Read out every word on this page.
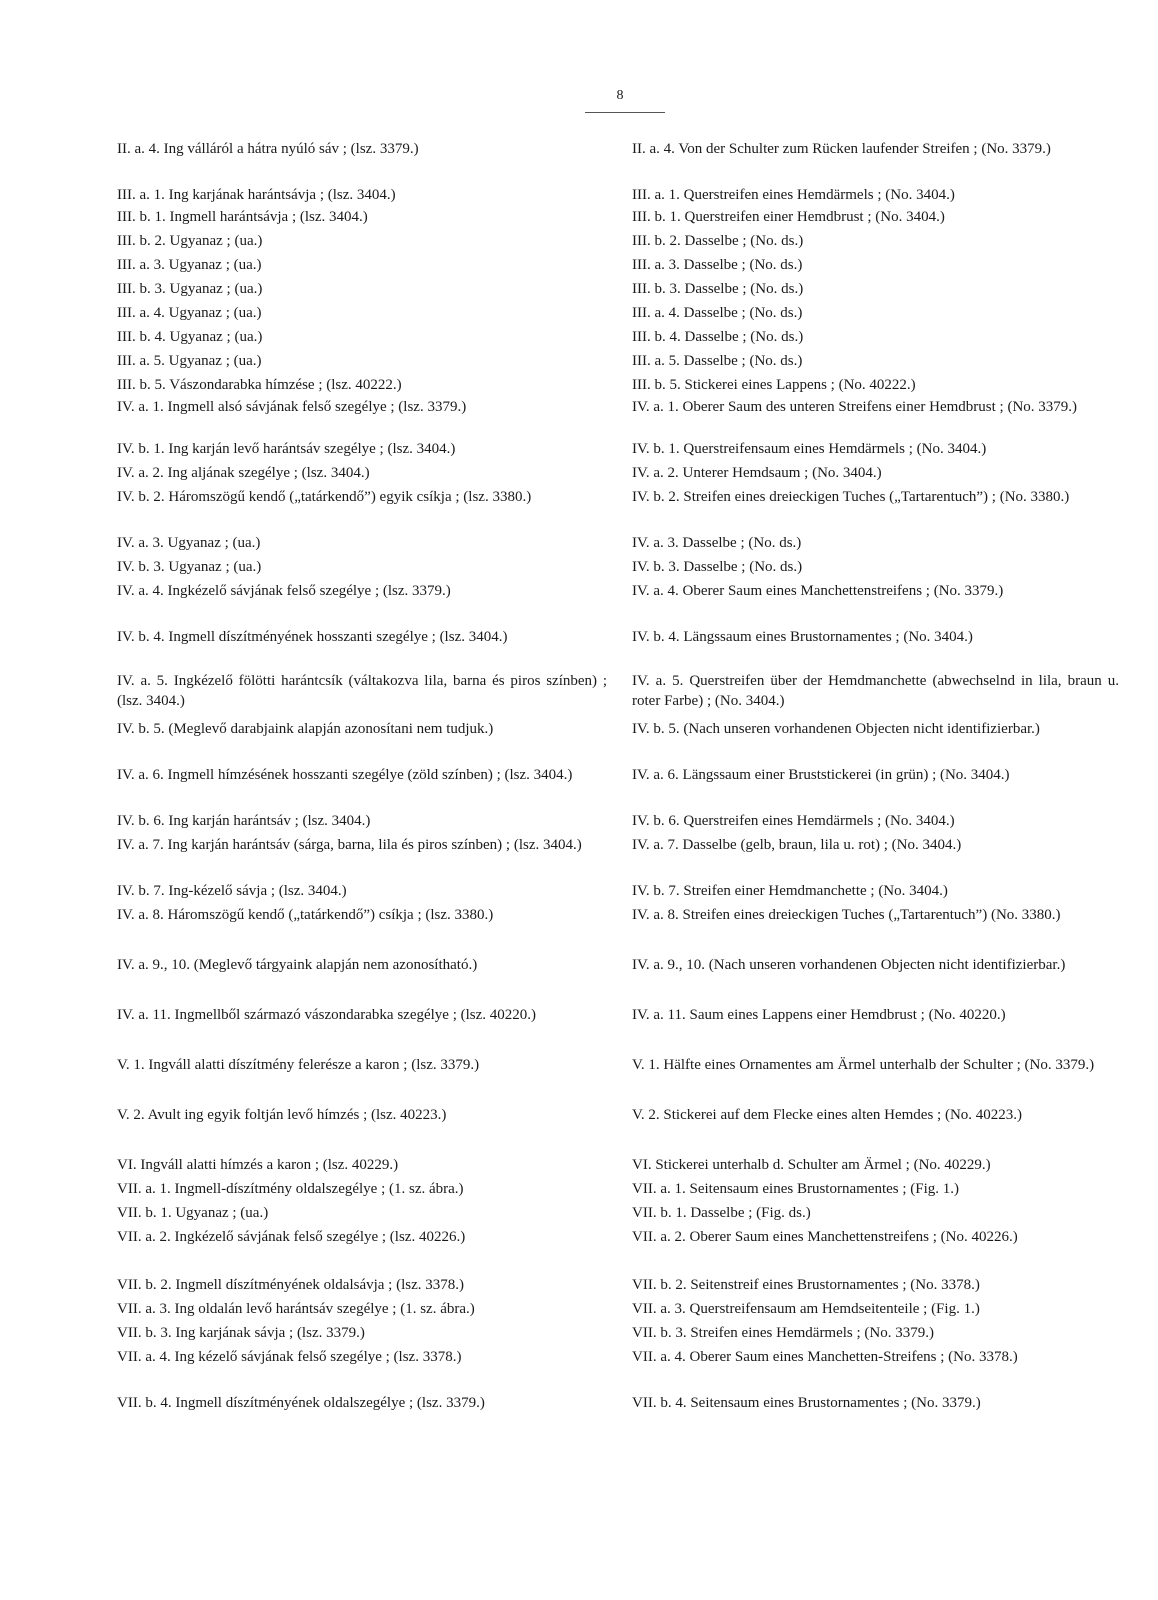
8
II. a. 4. Ing válláról a hátra nyúló sáv ; (lsz. 3379.)
III. a. 1. Ing karjának harántsávja ; (lsz. 3404.)
III. b. 1. Ingmell harántsávja ; (lsz. 3404.)
III. b. 2. Ugyanaz ; (ua.)
III. a. 3. Ugyanaz ; (ua.)
III. b. 3. Ugyanaz ; (ua.)
III. a. 4. Ugyanaz ; (ua.)
III. b. 4. Ugyanaz ; (ua.)
III. a. 5. Ugyanaz ; (ua.)
III. b. 5. Vászondarabka hímzése ; (lsz. 40222.)
IV. a. 1. Ingmell alsó sávjának felső szegélye ; (lsz. 3379.)
IV. b. 1. Ing karján levő harántsáv szegélye ; (lsz. 3404.)
IV. a. 2. Ing aljának szegélye ; (lsz. 3404.)
IV. b. 2. Háromszögű kendő („tatárkendő”) egyik csíkja ; (lsz. 3380.)
IV. a. 3. Ugyanaz ; (ua.)
IV. b. 3. Ugyanaz ; (ua.)
IV. a. 4. Ingkézelő sávjának felső szegélye ; (lsz. 3379.)
IV. b. 4. Ingmell díszítményének hosszanti szegélye ; (lsz. 3404.)
IV. a. 5. Ingkézelő fölötti harántcsík (váltakozva lila, barna és piros színben) ; (lsz. 3404.)
IV. b. 5. (Meglevő darabjaink alapján azonosítani nem tudjuk.)
IV. a. 6. Ingmell hímzésének hosszanti szegélye (zöld színben) ; (lsz. 3404.)
IV. b. 6. Ing karján harántsáv ; (lsz. 3404.)
IV. a. 7. Ing karján harántsáv (sárga, barna, lila és piros színben) ; (lsz. 3404.)
IV. b. 7. Ing-kézelő sávja ; (lsz. 3404.)
IV. a. 8. Háromszögű kendő („tatárkendő”) csíkja ; (lsz. 3380.)
IV. a. 9., 10. (Meglevő tárgyaink alapján nem azonosítható.)
IV. a. 11. Ingmellből származó vászondarabka szegélye ; (lsz. 40220.)
V. 1. Ingváll alatti díszítmény felerésze a karon ; (lsz. 3379.)
V. 2. Avult ing egyik foltján levő hímzés ; (lsz. 40223.)
VI. Ingváll alatti hímzés a karon ; (lsz. 40229.)
VII. a. 1. Ingmell-díszítmény oldalszegélye ; (1. sz. ábra.)
VII. b. 1. Ugyanaz ; (ua.)
VII. a. 2. Ingkézelő sávjának felső szegélye ; (lsz. 40226.)
VII. b. 2. Ingmell díszítményének oldalsávja ; (lsz. 3378.)
VII. a. 3. Ing oldalán levő harántsáv szegélye ; (1. sz. ábra.)
VII. b. 3. Ing karjának sávja ; (lsz. 3379.)
VII. a. 4. Ing kézelő sávjának felső szegélye ; (lsz. 3378.)
VII. b. 4. Ingmell díszítményének oldalszegélye ; (lsz. 3379.)
II. a. 4. Von der Schulter zum Rücken laufender Streifen ; (No. 3379.)
III. a. 1. Querstreifen eines Hemdärmels ; (No. 3404.)
III. b. 1. Querstreifen einer Hemdbrust ; (No. 3404.)
III. b. 2. Dasselbe ; (No. ds.)
III. a. 3. Dasselbe ; (No. ds.)
III. b. 3. Dasselbe ; (No. ds.)
III. a. 4. Dasselbe ; (No. ds.)
III. b. 4. Dasselbe ; (No. ds.)
III. a. 5. Dasselbe ; (No. ds.)
III. b. 5. Stickerei eines Lappens ; (No. 40222.)
IV. a. 1. Oberer Saum des unteren Streifens einer Hemdbrust ; (No. 3379.)
IV. b. 1. Querstreifensaum eines Hemdärmels ; (No. 3404.)
IV. a. 2. Unterer Hemdsaum ; (No. 3404.)
IV. b. 2. Streifen eines dreieckigen Tuches („Tartarentuch”) ; (No. 3380.)
IV. a. 3. Dasselbe ; (No. ds.)
IV. b. 3. Dasselbe ; (No. ds.)
IV. a. 4. Oberer Saum eines Manchettenstreifens ; (No. 3379.)
IV. b. 4. Längssaum eines Brustornamentes ; (No. 3404.)
IV. a. 5. Querstreifen über der Hemdmanchette (abwechselnd in lila, braun u. roter Farbe) ; (No. 3404.)
IV. b. 5. (Nach unseren vorhandenen Objecten nicht identifizierbar.)
IV. a. 6. Längssaum einer Bruststickerei (in grün) ; (No. 3404.)
IV. b. 6. Querstreifen eines Hemdärmels ; (No. 3404.)
IV. a. 7. Dasselbe (gelb, braun, lila u. rot) ; (No. 3404.)
IV. b. 7. Streifen einer Hemdmanchette ; (No. 3404.)
IV. a. 8. Streifen eines dreieckigen Tuches („Tartarentuch”) (No. 3380.)
IV. a. 9., 10. (Nach unseren vorhandenen Objecten nicht identifizierbar.)
IV. a. 11. Saum eines Lappens einer Hemdbrust ; (No. 40220.)
V. 1. Hälfte eines Ornamentes am Ärmel unterhalb der Schulter ; (No. 3379.)
V. 2. Stickerei auf dem Flecke eines alten Hemdes ; (No. 40223.)
VI. Stickerei unterhalb d. Schulter am Ärmel ; (No. 40229.)
VII. a. 1. Seitensaum eines Brustornamentes ; (Fig. 1.)
VII. b. 1. Dasselbe ; (Fig. ds.)
VII. a. 2. Oberer Saum eines Manchettenstreifens ; (No. 40226.)
VII. b. 2. Seitenstreif eines Brustornamentes ; (No. 3378.)
VII. a. 3. Querstreifensaum am Hemdseitenteile ; (Fig. 1.)
VII. b. 3. Streifen eines Hemdärmels ; (No. 3379.)
VII. a. 4. Oberer Saum eines Manchetten-Streifens ; (No. 3378.)
VII. b. 4. Seitensaum eines Brustornamentes ; (No. 3379.)
